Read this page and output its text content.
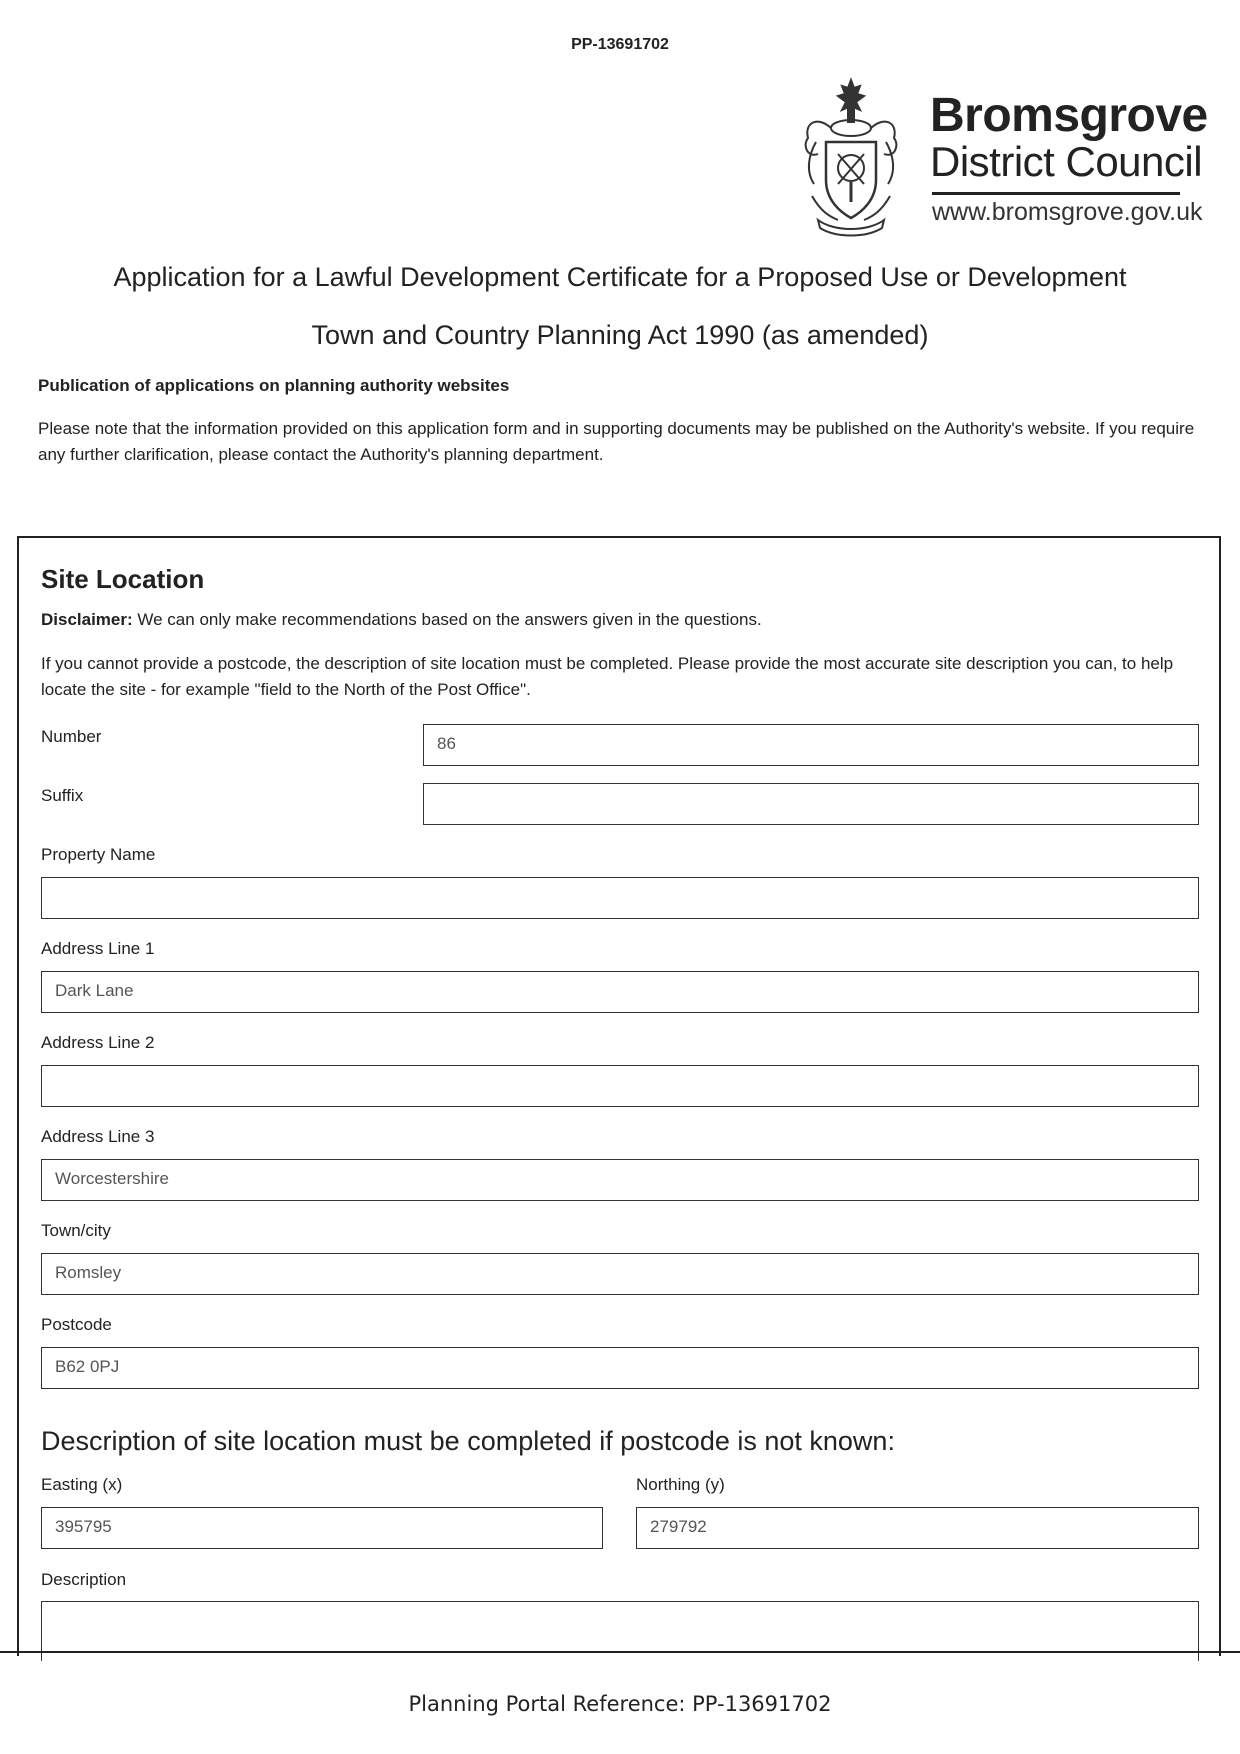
PP-13691702
Bromsgrove
District Council
www.bromsgrove.gov.uk
Application for a Lawful Development Certificate for a Proposed Use or Development
Town and Country Planning Act 1990 (as amended)
Publication of applications on planning authority websites
Please note that the information provided on this application form and in supporting documents may be published on the Authority's website. If you require any further clarification, please contact the Authority's planning department.
Site Location
Disclaimer: We can only make recommendations based on the answers given in the questions.
If you cannot provide a postcode, the description of site location must be completed. Please provide the most accurate site description you can, to help locate the site - for example "field to the North of the Post Office".
Number	86
Suffix
Property Name
Address Line 1
Dark Lane
Address Line 2
Address Line 3
Worcestershire
Town/city
Romsley
Postcode
B62 0PJ
Description of site location must be completed if postcode is not known:
Easting (x)
395795
Northing (y)
279792
Description
Planning Portal Reference: PP-13691702
